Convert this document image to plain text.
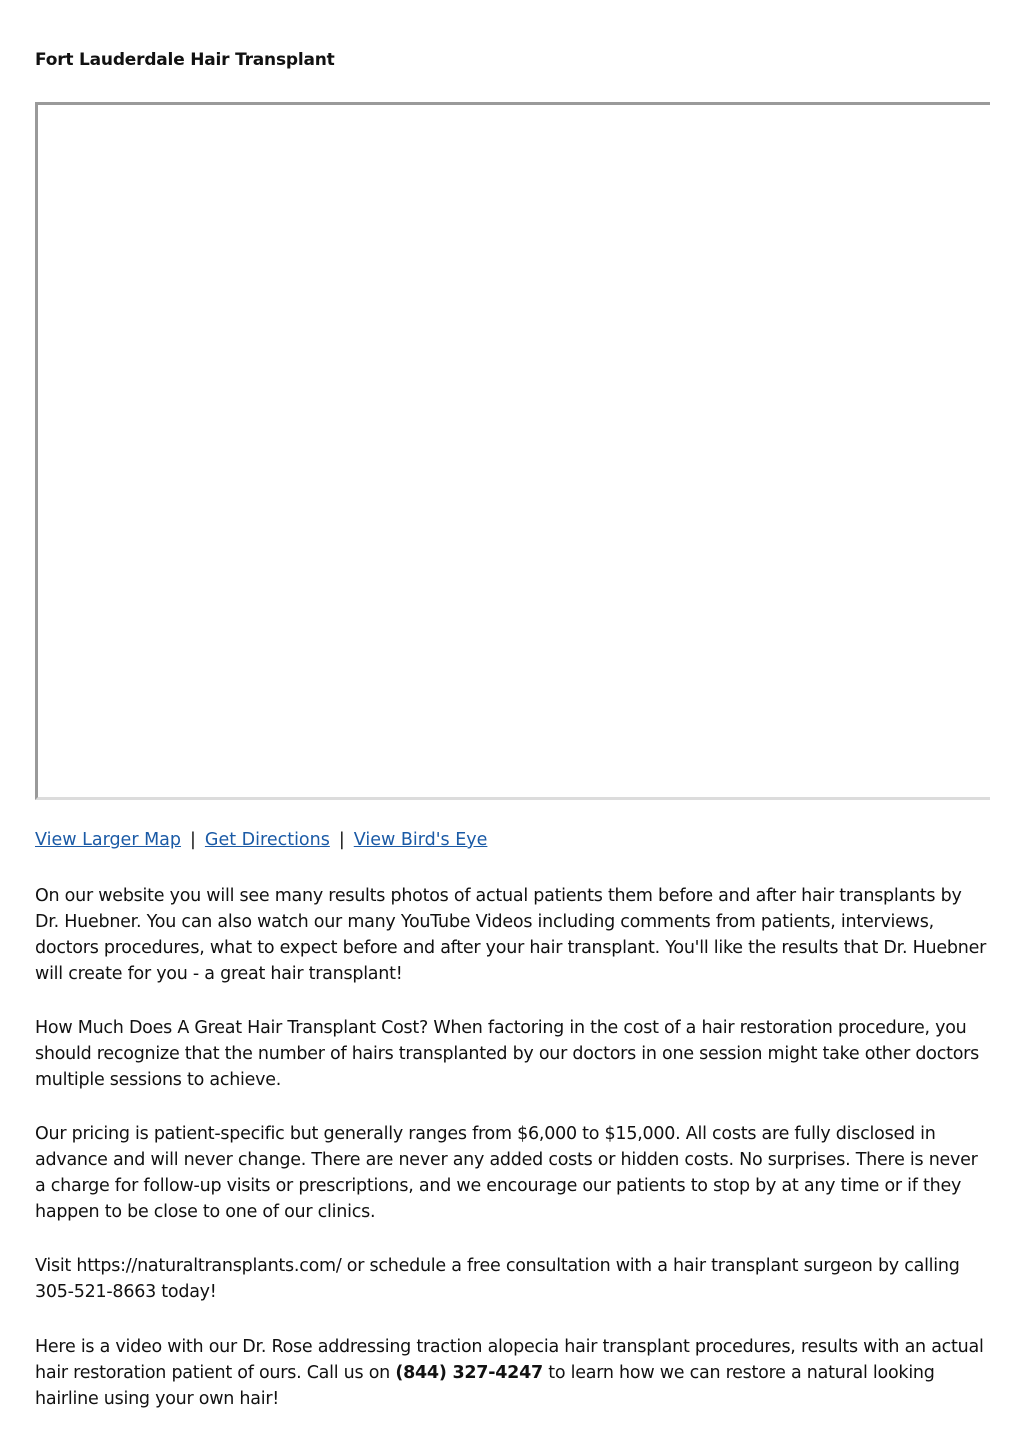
Fort Lauderdale Hair Transplant
View Larger Map | Get Directions | View Bird's Eye

On our website you will see many results photos of actual patients them before and after hair transplants by Dr. Huebner. You can also watch our many YouTube Videos including comments from patients, interviews, doctors procedures, what to expect before and after your hair transplant. You'll like the results that Dr. Huebner will create for you - a great hair transplant!

How Much Does A Great Hair Transplant Cost? When factoring in the cost of a hair restoration procedure, you should recognize that the number of hairs transplanted by our doctors in one session might take other doctors multiple sessions to achieve.

Our pricing is patient-specific but generally ranges from $6,000 to $15,000. All costs are fully disclosed in advance and will never change. There are never any added costs or hidden costs. No surprises. There is never a charge for follow-up visits or prescriptions, and we encourage our patients to stop by at any time or if they happen to be close to one of our clinics.

Visit https://naturaltransplants.com/ or schedule a free consultation with a hair transplant surgeon by calling 305-521-8663 today!

Here is a video with our Dr. Rose addressing traction alopecia hair transplant procedures, results with an actual hair restoration patient of ours. Call us on (844) 327-4247 to learn how we can restore a natural looking hairline using your own hair!
